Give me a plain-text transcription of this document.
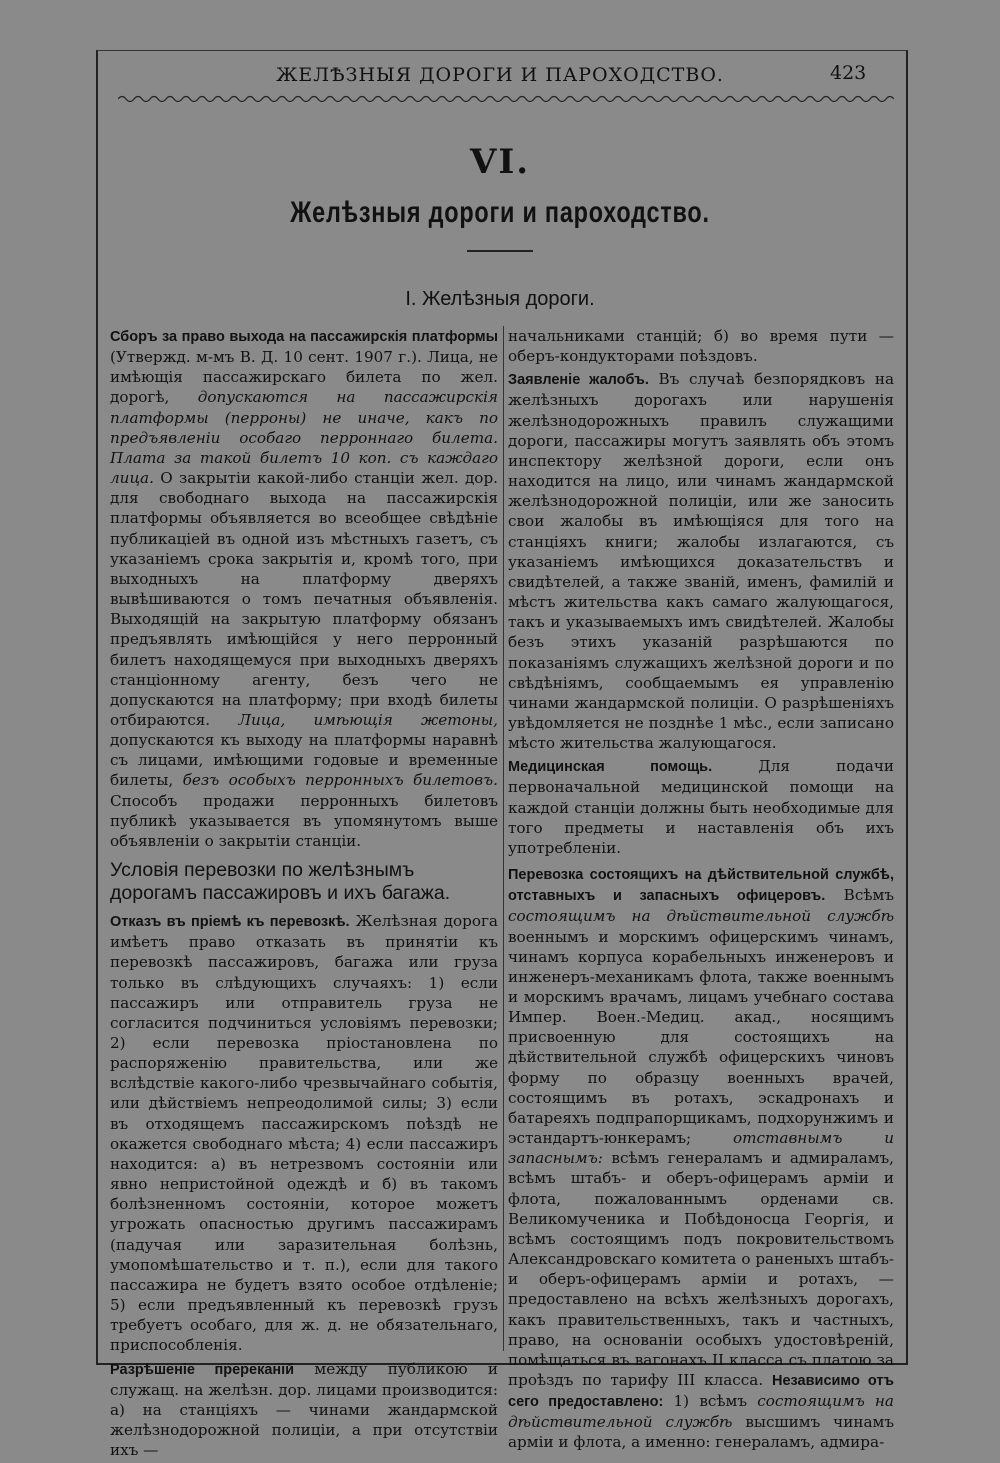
ЖЕЛѢЗНЫЯ ДОРОГИ И ПАРОХОДСТВО.	423
VI.
Желѣзныя дороги и пароходство.
I. Желѣзныя дороги.

Сборъ за право выхода на пассажирскія платформы (Утвержд. м-мъ В. Д. 10 сент. 1907 г.). Лица, не имѣющія пассажирскаго билета по жел. дорогѣ, допускаются на пассажирскія платформы (перроны) не иначе, какъ по предъявленіи особаго перроннаго билета. Плата за такой билетъ 10 коп. съ каждаго лица. О закрытіи какой-либо станціи жел. дор. для свободнаго выхода на пассажирскія платформы объявляется во всеобщее свѣдѣніе публикацiей въ одной изъ мѣстныхъ газетъ, съ указаніемъ срока закрытія и, кромѣ того, при выходныхъ на платформу дверяхъ вывѣшиваются о томъ печатныя объявленія. Выходящій на закрытую платформу обязанъ предъявлять имѣющійся у него перронный билетъ находящемуся при выходныхъ дверяхъ станціонному агенту, безъ чего не допускаются на платформу; при входѣ билеты отбираются. Лица, имѣющія жетоны, допускаются къ выходу на платформы наравнѣ съ лицами, имѣющими годовые и временные билеты, безъ особыхъ перронныхъ билетовъ. Способъ продажи перронныхъ билетовъ публикѣ указывается въ упомянутомъ выше объявленіи о закрытіи станціи.

Условія перевозки по желѣзнымъ дорогамъ пассажировъ и ихъ багажа.

Отказъ въ пріемѣ къ перевозкѣ. Желѣзная дорога имѣетъ право отказать въ принятіи къ перевозкѣ пассажировъ, багажа или груза только въ слѣдующихъ случаяхъ: 1) если пассажиръ или отправитель груза не согласится подчиниться условіямъ перевозки; 2) если перевозка пріостановлена по распоряженію правительства, или же вслѣдствіе какого-либо чрезвычайнаго событія, или дѣйствіемъ непреодолимой силы; 3) если въ отходящемъ пассажирскомъ поѣздѣ не окажется свободнаго мѣста; 4) если пассажиръ находится: а) въ нетрезвомъ состояніи или явно непристойной одеждѣ и б) въ такомъ болѣзненномъ состояніи, которое можетъ угрожать опасностью другимъ пассажирамъ (падучая или заразительная болѣзнь, умопомѣшательство и т. п.), если для такого пассажира не будетъ взято особое отдѣленіе; 5) если предъявленный къ перевозкѣ грузъ требуетъ особаго, для ж. д. не обязательнаго, приспособленія.

Разрѣшеніе пререканій между публикою и служащ. на желѣзн. дор. лицами производится: а) на станціяхъ — чинами жандармской желѣзнодорожной полиціи, а при отсутствіи ихъ —

начальниками станцій; б) во время пути — оберъ-кондукторами поѣздовъ.

Заявленіе жалобъ. Въ случаѣ безпорядковъ на желѣзныхъ дорогахъ или нарушенія желѣзнодорожныхъ правилъ служащими дороги, пассажиры могутъ заявлять объ этомъ инспектору желѣзной дороги, если онъ находится на лицо, или чинамъ жандармской желѣзнодорожной полиціи, или же заносить свои жалобы въ имѣющіяся для того на станціяхъ книги; жалобы излагаются, съ указаніемъ имѣющихся доказательствъ и свидѣтелей, а также званій, именъ, фамилій и мѣстъ жительства какъ самаго жалующагося, такъ и указываемыхъ имъ свидѣтелей. Жалобы безъ этихъ указаній разрѣшаются по показаніямъ служащихъ желѣзной дороги и по свѣдѣніямъ, сообщаемымъ ея управленію чинами жандармской полиціи. О разрѣшеніяхъ увѣдомляется не позднѣе 1 мѣс., если записано мѣсто жительства жалующагося.

Медицинская помощь. Для подачи первоначальной медицинской помощи на каждой станціи должны быть необходимые для того предметы и наставленія объ ихъ употребленіи.

Перевозка состоящихъ на дѣйствительной службѣ, отставныхъ и запасныхъ офицеровъ. Всѣмъ состоящимъ на дѣйствительной службѣ военнымъ и морскимъ офицерскимъ чинамъ, чинамъ корпуса корабельныхъ инженеровъ и инженеръ-механикамъ флота, также военнымъ и морскимъ врачамъ, лицамъ учебнаго состава Импер. Воен.-Медиц. акад., носящимъ присвоенную для состоящихъ на дѣйствительной службѣ офицерскихъ чиновъ форму по образцу военныхъ врачей, состоящимъ въ ротахъ, эскадронахъ и батареяхъ подпрапорщикамъ, подхорунжимъ и эстандартъ-юнкерамъ; отставнымъ и запаснымъ: всѣмъ генераламъ и адмираламъ, всѣмъ штабъ- и оберъ-офицерамъ арміи и флота, пожалованнымъ орденами св. Великомученика и Побѣдоносца Георгія, и всѣмъ состоящимъ подъ покровительствомъ Александровскаго комитета о раненыхъ штабъ- и оберъ-офицерамъ арміи и ротахъ, — предоставлено на всѣхъ желѣзныхъ дорогахъ, какъ правительственныхъ, такъ и частныхъ, право, на основаніи особыхъ удостовѣреній, помѣщаться въ вагонахъ II класса съ платою за проѣздъ по тарифу III класса. Независимо отъ сего предоставлено: 1) всѣмъ состоящимъ на дѣйствительной службѣ высшимъ чинамъ арміи и флота, а именно: генераламъ, адмира-
